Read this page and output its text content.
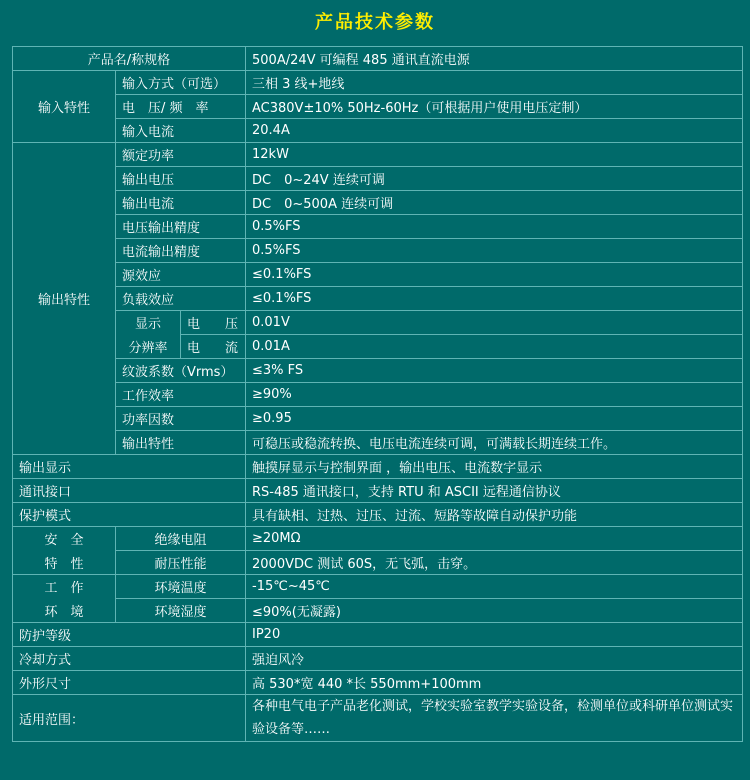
产品技术参数
产品名/称规格			500A/24V 可编程 485 通讯直流电源
输入特性	输入方式（可选）		三相 3 线+地线
	电　压/ 频　率		AC380V±10% 50Hz-60Hz（可根据用户使用电压定制）
	输入电流		20.4A
输出特性	额定功率		12kW
	输出电压		DC　0~24V 连续可调
	输出电流		DC　0~500A 连续可调
	电压输出精度		0.5%FS
	电流输出精度		0.5%FS
	源效应		≤0.1%FS
	负载效应		≤0.1%FS
	显示	电　压	0.01V
	分辨率	电　流	0.01A
	纹波系数（Vrms）		≤3% FS
	工作效率		≥90%
	功率因数		≥0.95
	输出特性		可稳压或稳流转换、电压电流连续可调，可满载长期连续工作。
输出显示			触摸屏显示与控制界面 ，输出电压、电流数字显示
通讯接口			RS-485 通讯接口，支持 RTU 和 ASCII 远程通信协议
保护模式			具有缺相、过热、过压、过流、短路等故障自动保护功能
安　全	绝缘电阻		≥20MΩ
特　性	耐压性能		2000VDC 测试 60S，无飞弧，击穿。
工　作	环境温度		-15℃~45℃
环　境	环境湿度		≤90%(无凝露)
防护等级			IP20
冷却方式			强迫风冷
外形尺寸			高 530*宽 440 *长 550mm+100mm
适用范围：			各种电气电子产品老化测试，学校实验室教学实验设备，检测单位或科研单位测试实验设备等……
